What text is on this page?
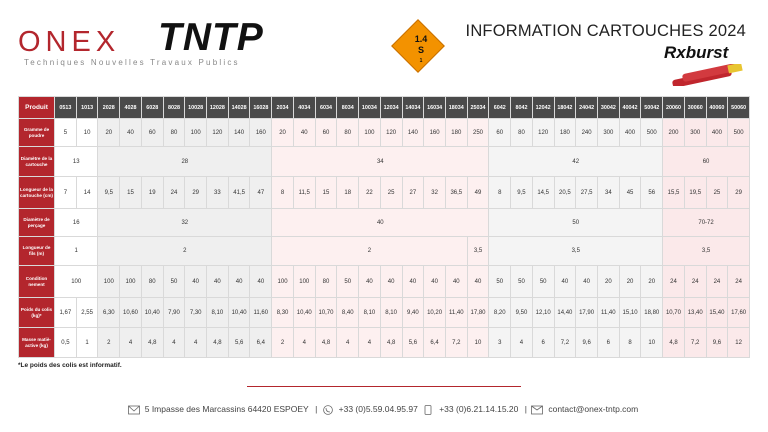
ONEX TNTP
Techniques Nouvelles Travaux Publics
1.4
S
1
INFORMATION CARTOUCHES 2024
Rxburst
Produit	0513	1013	2028	4028	6028	8028	10028	12028	14028	16028	2034	4034	6034	8034	10034	12034	14034	16034	18034	25034	6042	8042	12042	18042	24042	30042	40042	50042	20060	30060	40060	50060
Gramme de poudre	5	10	20	40	60	80	100	120	140	160	20	40	60	80	100	120	140	160	180	250	60	80	120	180	240	300	400	500	200	300	400	500
Diamètre de la cartouche	13		28								34										42								60			
Longueur de la cartouche (cm)	7	14	9,5	15	19	24	29	33	41,5	47	8	11,5	15	18	22	25	27	32	36,5	49	8	9,5	14,5	20,5	27,5	34	45	56	15,5	19,5	25	29
Diamètre de perçage	16		32								40										50								70-72			
Longueur de fils (m)	1		2								2									3,5	3,5								3,5			
Condition nement	100		100	100	80	50	40	40	40	40	100	100	80	50	40	40	40	40	40	40	50	50	50	40	40	20	20	20	24	24	24	24
Poids du colis (kg)*	1,67	2,55	6,30	10,60	10,40	7,90	7,30	8,10	10,40	11,60	8,30	10,40	10,70	8,40	8,10	8,10	9,40	10,20	11,40	17,80	8,20	9,50	12,10	14,40	17,90	11,40	15,10	18,80	10,70	13,40	15,40	17,60
Masse matiè-active (kg)	0,5	1	2	4	4,8	4	4	4,8	5,6	6,4	2	4	4,8	4	4	4,8	5,6	6,4	7,2	10	3	4	6	7,2	9,6	6	8	10	4,8	7,2	9,6	12
*Le poids des colis est informatif.
5 Impasse des Marcassins 64420 ESPOEY |	+33 (0)5.59.04.95.97	+33 (0)6.21.14.15.20 |	contact@onex-tntp.com
